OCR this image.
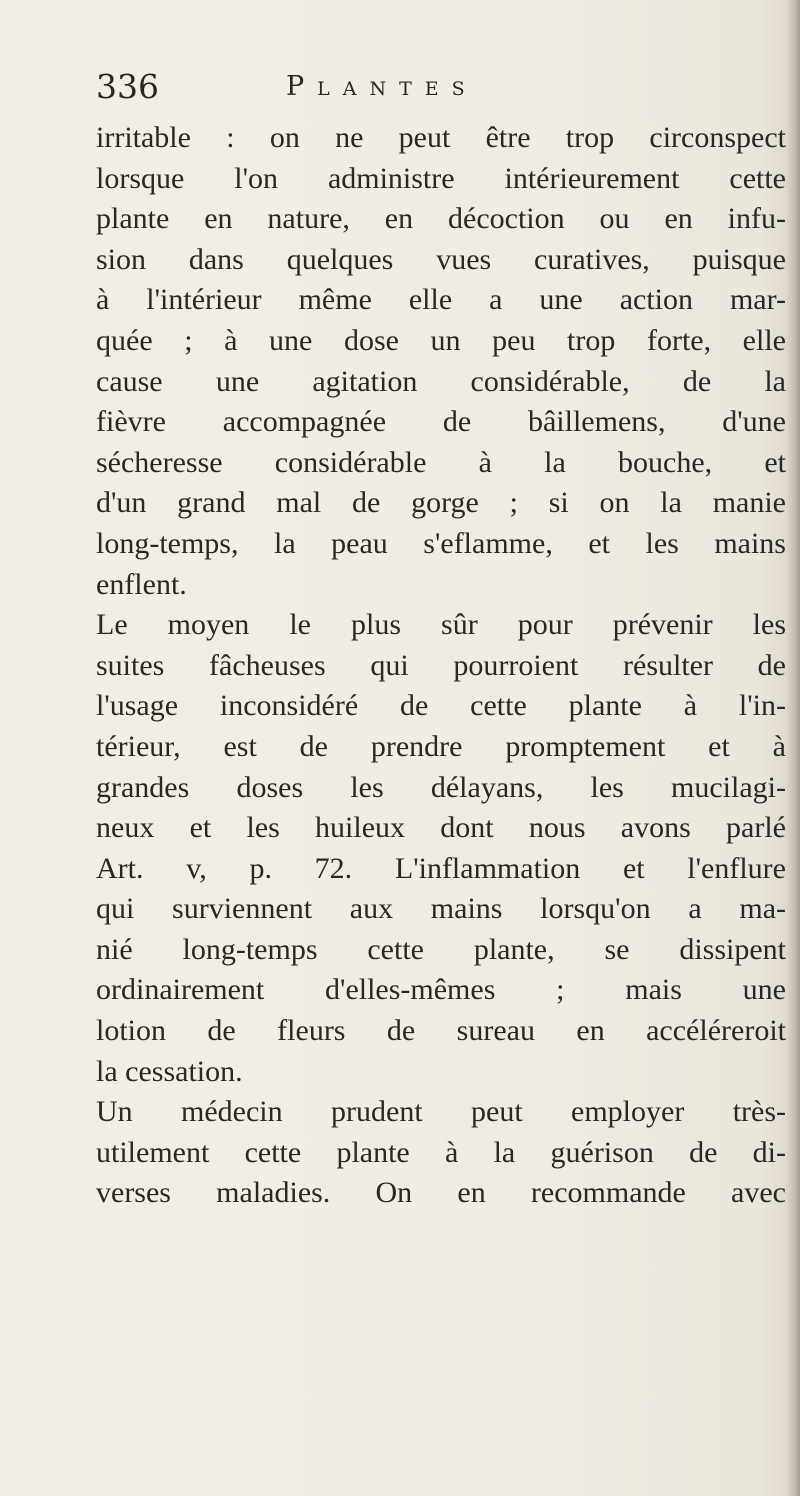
336	Plantes
irritable : on ne peut être trop circonspect
lorsque l'on administre intérieurement cette
plante en nature, en décoction ou en infu-
sion dans quelques vues curatives, puisque
à l'intérieur même elle a une action mar-
quée ; à une dose un peu trop forte, elle
cause une agitation considérable, de la
fièvre accompagnée de bâillemens, d'une
sécheresse considérable à la bouche, et
d'un grand mal de gorge ; si on la manie
long-temps, la peau s'eflamme, et les mains
enflent.
Le moyen le plus sûr pour prévenir les
suites fâcheuses qui pourroient résulter de
l'usage inconsidéré de cette plante à l'in-
térieur, est de prendre promptement et à
grandes doses les délayans, les mucilagi-
neux et les huileux dont nous avons parlé
Art. v, p. 72. L'inflammation et l'enflure
qui surviennent aux mains lorsqu'on a ma-
nié long-temps cette plante, se dissipent
ordinairement d'elles-mêmes ; mais une
lotion de fleurs de sureau en accéléreroit
la cessation.
Un médecin prudent peut employer très-
utilement cette plante à la guérison de di-
verses maladies. On en recommande avec
